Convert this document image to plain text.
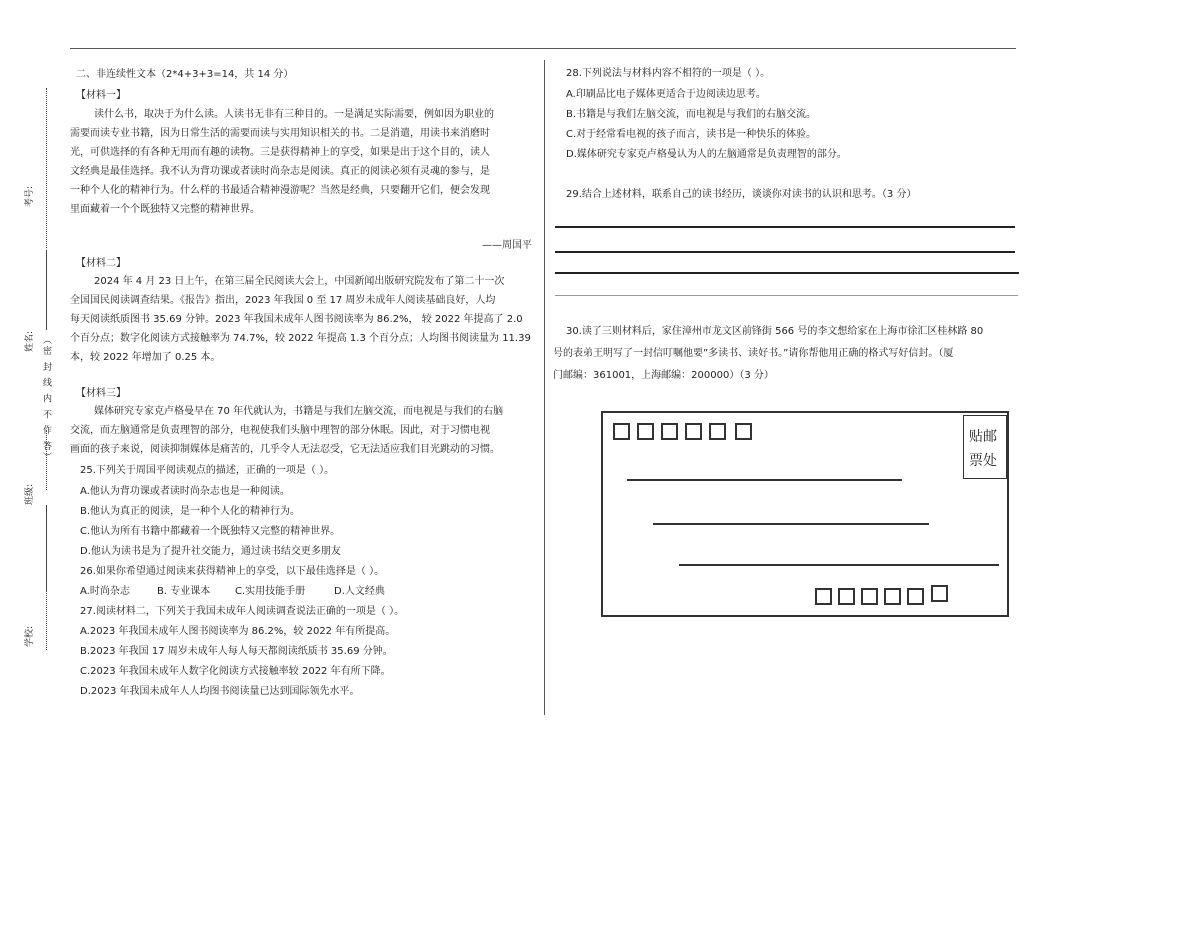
考号:
姓名: （密 封 线 内 不 作 答）
班级:
学校:
二、非连续性文本（2*4+3+3=14，共 14 分）
【材料一】
读什么书，取决于为什么读。人读书无非有三种目的。一是满足实际需要，例如因为职业的
需要而读专业书籍，因为日常生活的需要而读与实用知识相关的书。二是消遣，用读书来消磨时
光，可供选择的有各种无用而有趣的读物。三是获得精神上的享受，如果是出于这个目的，读人
文经典是最佳选择。我不认为背功课或者读时尚杂志是阅读。真正的阅读必须有灵魂的参与，是
一种个人化的精神行为。什么样的书最适合精神漫游呢？当然是经典，只要翻开它们，便会发现
里面藏着一个个既独特又完整的精神世界。
——周国平
【材料二】
2024 年 4 月 23 日上午，在第三届全民阅读大会上，中国新闻出版研究院发布了第二十一次
全国国民阅读调查结果。《报告》指出，2023 年我国 0 至 17 周岁未成年人阅读基础良好，人均
每天阅读纸质图书 35.69 分钟。2023 年我国未成年人图书阅读率为 86.2%， 较 2022 年提高了 2.0
个百分点；数字化阅读方式接触率为 74.7%，较 2022 年提高 1.3 个百分点；人均图书阅读量为 11.39
本，较 2022 年增加了 0.25 本。
【材料三】
媒体研究专家克卢格曼早在 70 年代就认为，书籍是与我们左脑交流，而电视是与我们的右脑
交流，而左脑通常是负责理智的部分，电视使我们头脑中理智的部分休眠。因此，对于习惯电视
画面的孩子来说，阅读抑制媒体是痛苦的，几乎令人无法忍受，它无法适应我们目光跳动的习惯。
25.下列关于周国平阅读观点的描述，正确的一项是（ ）。
A.他认为背功课或者读时尚杂志也是一种阅读。
B.他认为真正的阅读，是一种个人化的精神行为。
C.他认为所有书籍中都藏着一个既独特又完整的精神世界。
D.他认为读书是为了提升社交能力，通过读书结交更多朋友
26.如果你希望通过阅读来获得精神上的享受，以下最佳选择是（ ）。
A.时尚杂志	B. 专业课本 C.实用技能手册	D.人文经典
27.阅读材料二，下列关于我国未成年人阅读调查说法正确的一项是（ ）。
A.2023 年我国未成年人图书阅读率为 86.2%，较 2022 年有所提高。
B.2023 年我国 17 周岁未成年人每人每天都阅读纸质书 35.69 分钟。
C.2023 年我国未成年人数字化阅读方式接触率较 2022 年有所下降。
D.2023 年我国未成年人人均图书阅读量已达到国际领先水平。
28.下列说法与材料内容不相符的一项是（ ）。
A.印刷品比电子媒体更适合于边阅读边思考。
B.书籍是与我们左脑交流，而电视是与我们的右脑交流。
C.对于经常看电视的孩子而言，读书是一种快乐的体验。
D.媒体研究专家克卢格曼认为人的左脑通常是负责理智的部分。
29.结合上述材料，联系自己的读书经历，谈谈你对读书的认识和思考。（3 分）
30.读了三则材料后，家住漳州市龙文区前锋街 566 号的李文想给家在上海市徐汇区桂林路 80
号的表弟王明写了一封信叮嘱他要”多读书、读好书。”请你帮他用正确的格式写好信封。（厦
门邮编：361001，上海邮编：200000）（3 分）
贴邮
票处
